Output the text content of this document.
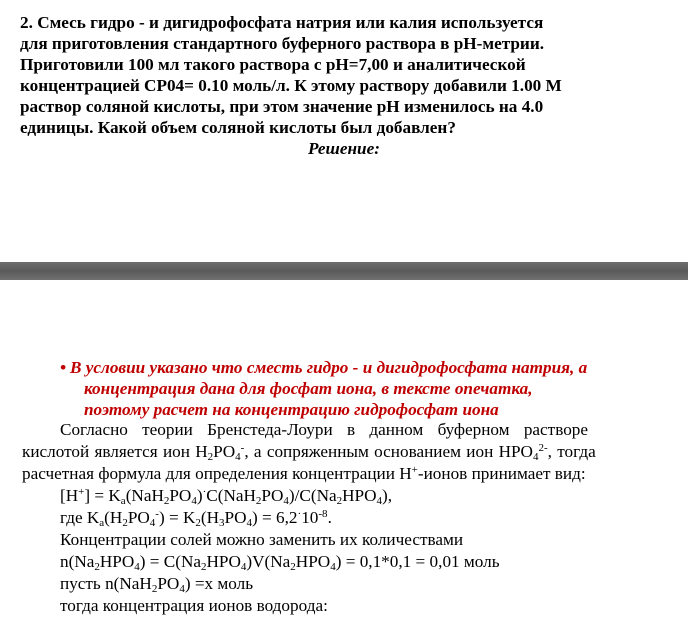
2. Смесь гидро - и дигидрофосфата натрия или калия используется
для приготовления стандартного буферного раствора в рН-метрии.
Приготовили 100 мл такого раствора с рН=7,00 и аналитической
концентрацией СР04= 0.10 моль/л. К этому раствору добавили 1.00 М
раствор соляной кислоты, при этом значение рН изменилось на 4.0
единицы. Какой объем соляной кислоты был добавлен?
Решение:
• В условии указано что сместь гидро - и дигидрофосфата натрия, а
концентрация дана для фосфат иона, в тексте опечатка,
поэтому расчет на концентрацию гидрофосфат иона
Согласно теории Бренстеда-Лоури в данном буферном растворе
кислотой является ион $H_2PO_4^-$, а сопряженным основанием ион $HPO_4^{2-}$, тогда
расчетная формула для определения концентрации H+-ионов принимает вид:
$[H^+] = K_a(NaH_2PO_4)^\cdot C(NaH_2PO_4)/C(Na_2HPO_4)$,
где $K_a(H_2PO_4^-) = K_2(H_3PO_4) = 6,2^\cdot 10^{-8}$.
Концентрации солей можно заменить их количествами
$n(Na_2HPO_4) = C(Na_2HPO_4)V(Na_2HPO_4) = 0,1*0,1 = 0,01$ моль
пусть $n(NaH_2PO_4) =x$ моль
тогда концентрация ионов водорода:
